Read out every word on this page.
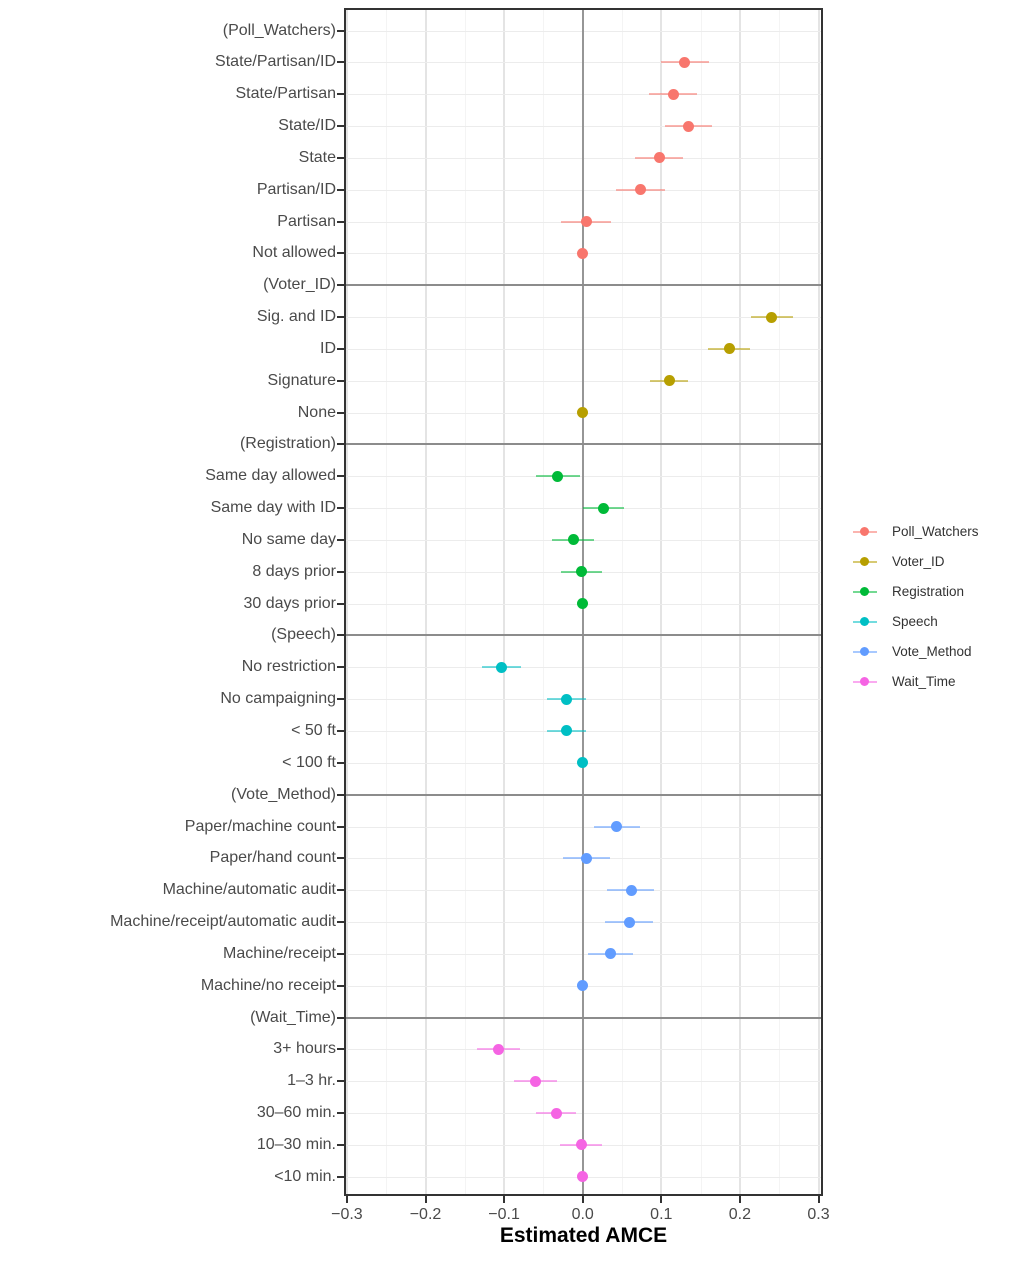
(Poll_Watchers)
State/Partisan/ID
State/Partisan
State/ID
State
Partisan/ID
Partisan
Not allowed
(Voter_ID)
Sig. and ID
ID
Signature
None
(Registration)
Same day allowed
Same day with ID
No same day
8 days prior
30 days prior
(Speech)
No restriction
No campaigning
< 50 ft
< 100 ft
(Vote_Method)
Paper/machine count
Paper/hand count
Machine/automatic audit
Machine/receipt/automatic audit
Machine/receipt
Machine/no receipt
(Wait_Time)
3+ hours
1–3 hr.
30–60 min.
10–30 min.
<10 min.
−0.3	−0.2	−0.1	0.0	0.1	0.2	0.3
Estimated AMCE
Poll_Watchers
Voter_ID
Registration
Speech
Vote_Method
Wait_Time
